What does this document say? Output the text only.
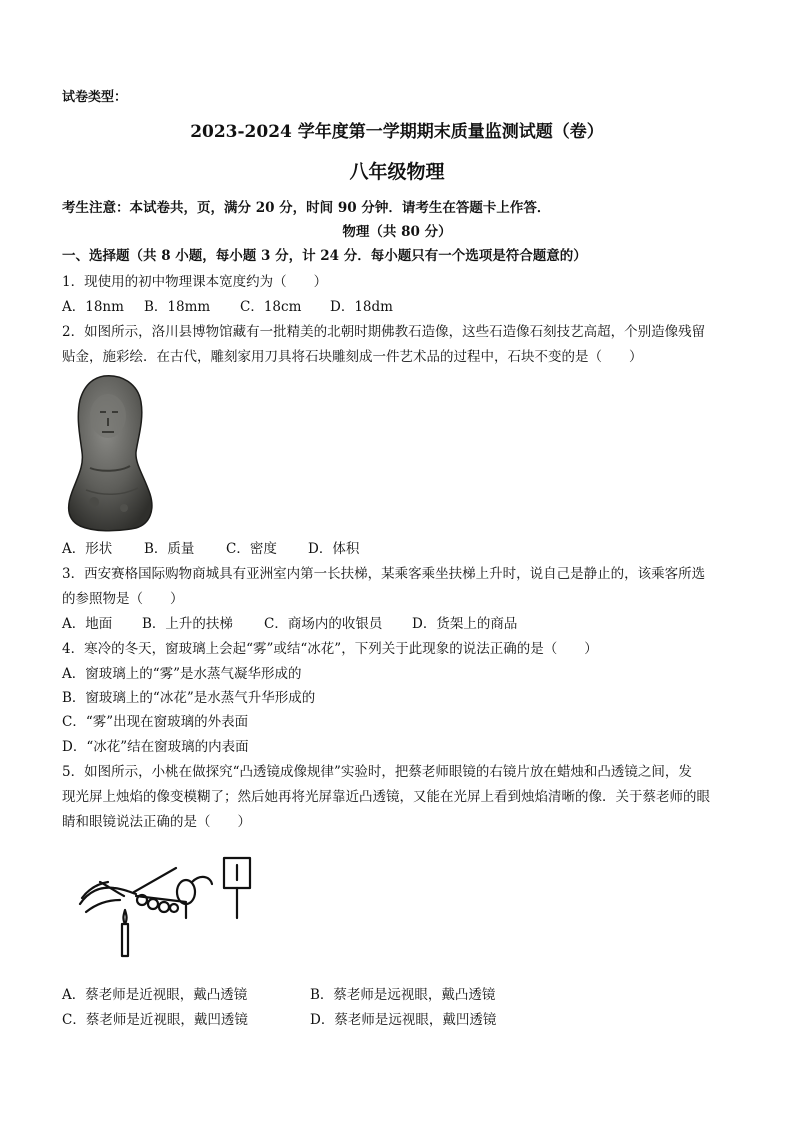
试卷类型：
2023-2024 学年度第一学期期末质量监测试题（卷）
八年级物理
考生注意：本试卷共，页，满分 20 分，时间 90 分钟．请考生在答题卡上作答．
物理（共 80 分）
一、选择题（共 8 小题，每小题 3 分，计 24 分．每小题只有一个选项是符合题意的）
1．现使用的初中物理课本宽度约为（　　）
A．18nm B．18mm C．18cm D．18dm
2．如图所示，洛川县博物馆藏有一批精美的北朝时期佛教石造像，这些石造像石刻技艺高超，个别造像残留
贴金，施彩绘．在古代，雕刻家用刀具将石块雕刻成一件艺术品的过程中，石块不变的是（　　）
A．形状 B．质量 C．密度 D．体积
3．西安赛格国际购物商城具有亚洲室内第一长扶梯，某乘客乘坐扶梯上升时，说自己是静止的，该乘客所选
的参照物是（　　）
A．地面 B．上升的扶梯 C．商场内的收银员 D．货架上的商品
4．寒冷的冬天，窗玻璃上会起“雾”或结“冰花”，下列关于此现象的说法正确的是（　　）
A．窗玻璃上的“雾”是水蒸气凝华形成的
B．窗玻璃上的“冰花”是水蒸气升华形成的
C．“雾”出现在窗玻璃的外表面
D．“冰花”结在窗玻璃的内表面
5．如图所示，小桃在做探究“凸透镜成像规律”实验时，把蔡老师眼镜的右镜片放在蜡烛和凸透镜之间，发
现光屏上烛焰的像变模糊了；然后她再将光屏靠近凸透镜，又能在光屏上看到烛焰清晰的像．关于蔡老师的眼
睛和眼镜说法正确的是（　　）
A．蔡老师是近视眼，戴凸透镜	B．蔡老师是远视眼，戴凸透镜
C．蔡老师是近视眼，戴凹透镜	D．蔡老师是远视眼，戴凹透镜
